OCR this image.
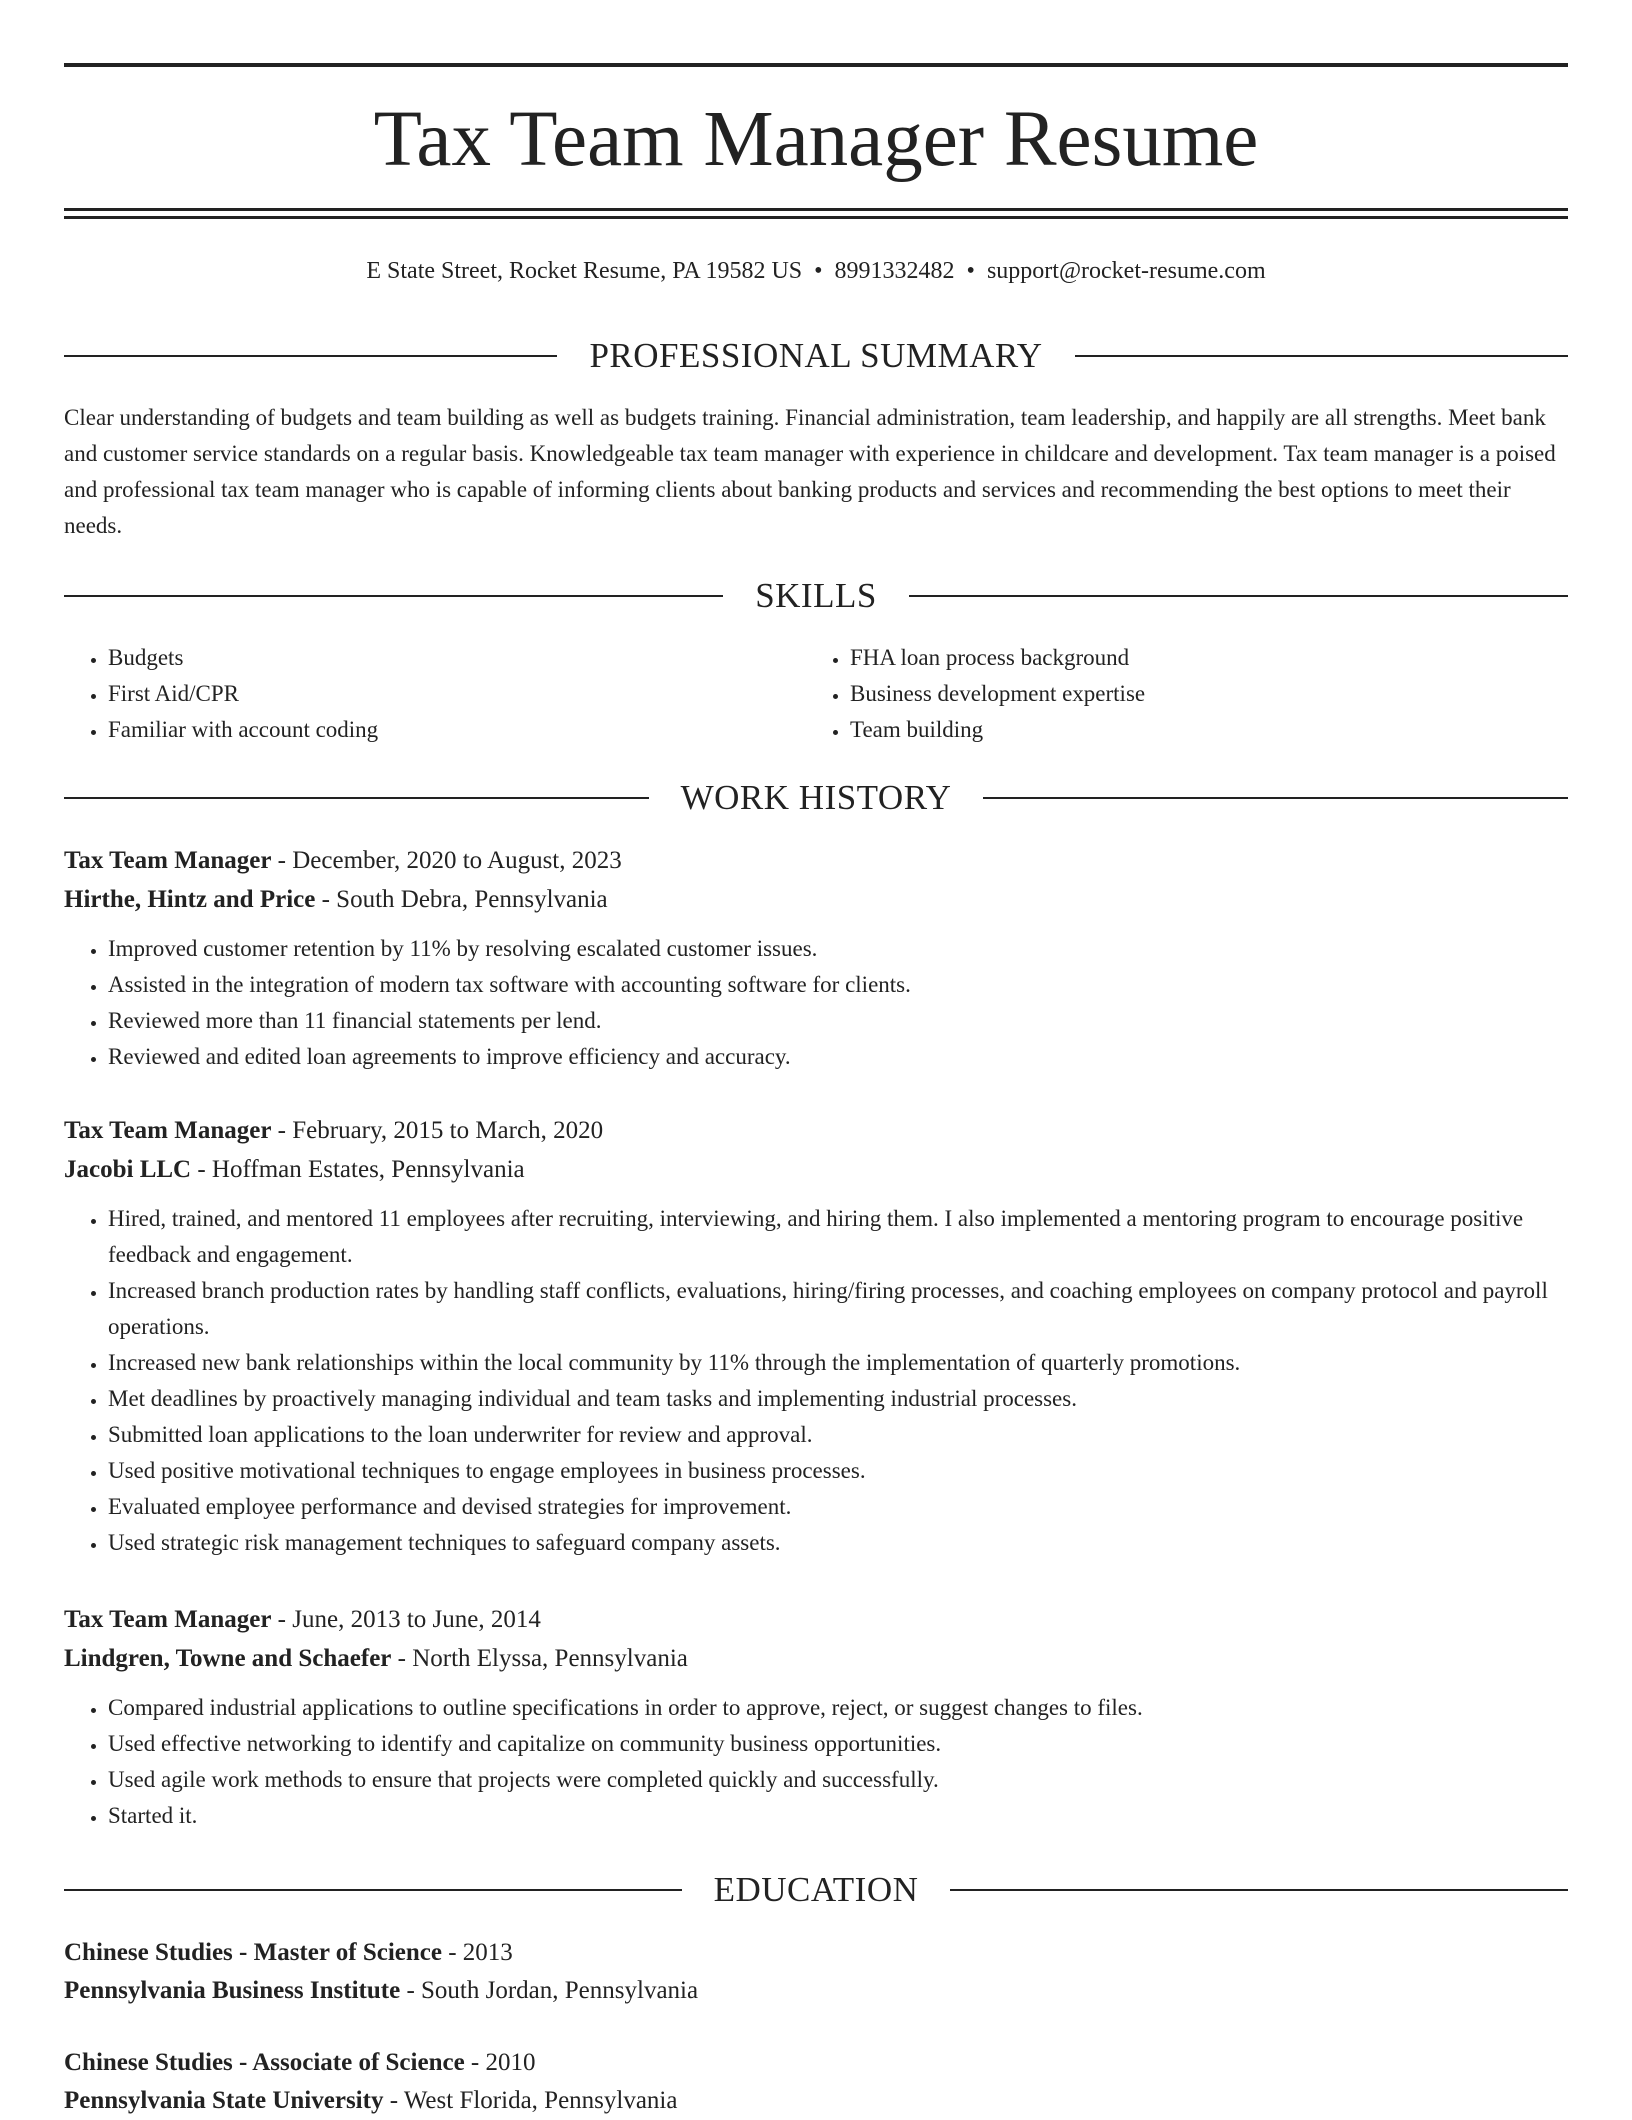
Tax Team Manager Resume
E State Street, Rocket Resume, PA 19582 US • 8991332482 • support@rocket-resume.com
PROFESSIONAL SUMMARY

Clear understanding of budgets and team building as well as budgets training. Financial administration, team leadership, and happily are all strengths. Meet bank and customer service standards on a regular basis. Knowledgeable tax team manager with experience in childcare and development. Tax team manager is a poised and professional tax team manager who is capable of informing clients about banking products and services and recommending the best options to meet their needs.

SKILLS
• Budgets
• First Aid/CPR
• Familiar with account coding
• FHA loan process background
• Business development expertise
• Team building
WORK HISTORY
Tax Team Manager - December, 2020 to August, 2023
Hirthe, Hintz and Price - South Debra, Pennsylvania
• Improved customer retention by 11% by resolving escalated customer issues.
• Assisted in the integration of modern tax software with accounting software for clients.
• Reviewed more than 11 financial statements per lend.
• Reviewed and edited loan agreements to improve efficiency and accuracy.
Tax Team Manager - February, 2015 to March, 2020
Jacobi LLC - Hoffman Estates, Pennsylvania
• Hired, trained, and mentored 11 employees after recruiting, interviewing, and hiring them. I also implemented a mentoring program to encourage positive feedback and engagement.
• Increased branch production rates by handling staff conflicts, evaluations, hiring/firing processes, and coaching employees on company protocol and payroll operations.
• Increased new bank relationships within the local community by 11% through the implementation of quarterly promotions.
• Met deadlines by proactively managing individual and team tasks and implementing industrial processes.
• Submitted loan applications to the loan underwriter for review and approval.
• Used positive motivational techniques to engage employees in business processes.
• Evaluated employee performance and devised strategies for improvement.
• Used strategic risk management techniques to safeguard company assets.
Tax Team Manager - June, 2013 to June, 2014
Lindgren, Towne and Schaefer - North Elyssa, Pennsylvania
• Compared industrial applications to outline specifications in order to approve, reject, or suggest changes to files.
• Used effective networking to identify and capitalize on community business opportunities.
• Used agile work methods to ensure that projects were completed quickly and successfully.
• Started it.
EDUCATION
Chinese Studies - Master of Science - 2013
Pennsylvania Business Institute - South Jordan, Pennsylvania
Chinese Studies - Associate of Science - 2010
Pennsylvania State University - West Florida, Pennsylvania
